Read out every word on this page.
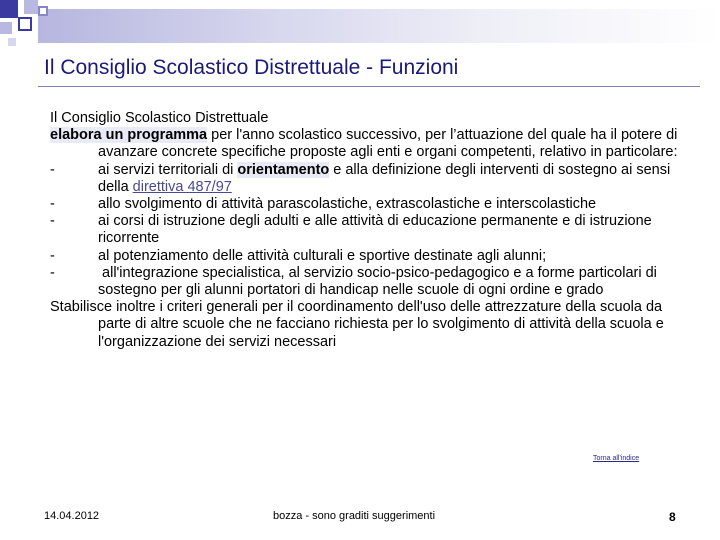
Il Consiglio Scolastico Distrettuale - Funzioni

Il Consiglio Scolastico Distrettuale

elabora un programma per l'anno scolastico successivo, per l’attuazione del quale ha il potere di avanzare concrete specifiche proposte agli enti e organi competenti, relativo in particolare:

-	ai servizi territoriali di orientamento e alla definizione degli interventi di sostegno ai sensi della direttiva 487/97

-	allo svolgimento di attività parascolastiche, extrascolastiche e interscolastiche

-	ai corsi di istruzione degli adulti e alle attività di educazione permanente e di istruzione ricorrente

-	al potenziamento delle attività culturali e sportive destinate agli alunni;

-	all'integrazione specialistica, al servizio socio-psico-pedagogico e a forme particolari di sostegno per gli alunni portatori di handicap nelle scuole di ogni ordine e grado

Stabilisce inoltre i criteri generali per il coordinamento dell'uso delle attrezzature della scuola da parte di altre scuole che ne facciano richiesta per lo svolgimento di attività della scuola e l'organizzazione dei servizi necessari

Torna all'indice
14.04.2012	bozza - sono graditi suggerimenti	8
